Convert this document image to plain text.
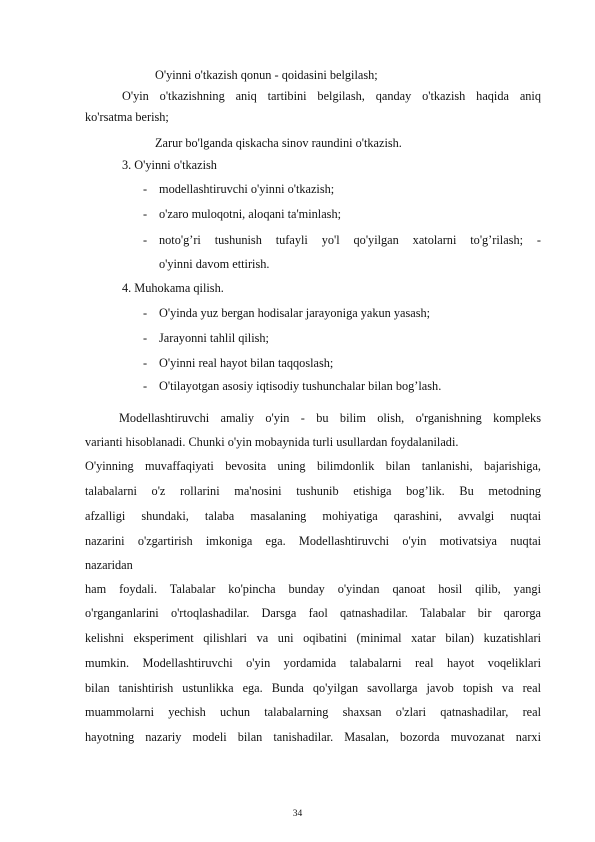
O'yinni o'tkazish qonun - qoidasini belgilash;
O'yin o'tkazishning aniq tartibini belgilash, qanday o'tkazish haqida aniq
ko'rsatma berish;
Zarur bo'lganda qiskacha sinov raundini o'tkazish.
3. O'yinni o'tkazish
- modellashtiruvchi o'yinni o'tkazish;
- o'zaro muloqotni, aloqani ta'minlash;
- noto'g’ri tushunish tufayli yo'l qo'yilgan xatolarni to'g’rilash; -
o'yinni davom ettirish.
4. Muhokama qilish.
- O'yinda yuz bergan hodisalar jarayoniga yakun yasash;
- Jarayonni tahlil qilish;
- O'yinni real hayot bilan taqqoslash;
- O'tilayotgan asosiy iqtisodiy tushunchalar bilan bog’lash.
Modellashtiruvchi amaliy o'yin - bu bilim olish, o'rganishning kompleks
varianti hisoblanadi. Chunki o'yin mobaynida turli usullardan foydalaniladi.
O'yinning muvaffaqiyati bevosita uning bilimdonlik bilan tanlanishi, bajarishiga,
talabalarni o'z rollarini ma'nosini tushunib etishiga bog’lik. Bu metodning
afzalligi shundaki, talaba masalaning mohiyatiga qarashini, avvalgi nuqtai
nazarini o'zgartirish imkoniga ega. Modellashtiruvchi o'yin motivatsiya nuqtai
nazaridan
ham foydali. Talabalar ko'pincha bunday o'yindan qanoat hosil qilib, yangi
o'rganganlarini o'rtoqlashadilar. Darsga faol qatnashadilar. Talabalar bir qarorga
kelishni eksperiment qilishlari va uni oqibatini (minimal xatar bilan) kuzatishlari
mumkin. Modellashtiruvchi o'yin yordamida talabalarni real hayot voqeliklari
bilan tanishtirish ustunlikka ega. Bunda qo'yilgan savollarga javob topish va real
muammolarni yechish uchun talabalarning shaxsan o'zlari qatnashadilar, real
hayotning nazariy modeli bilan tanishadilar. Masalan, bozorda muvozanat narxi
34
